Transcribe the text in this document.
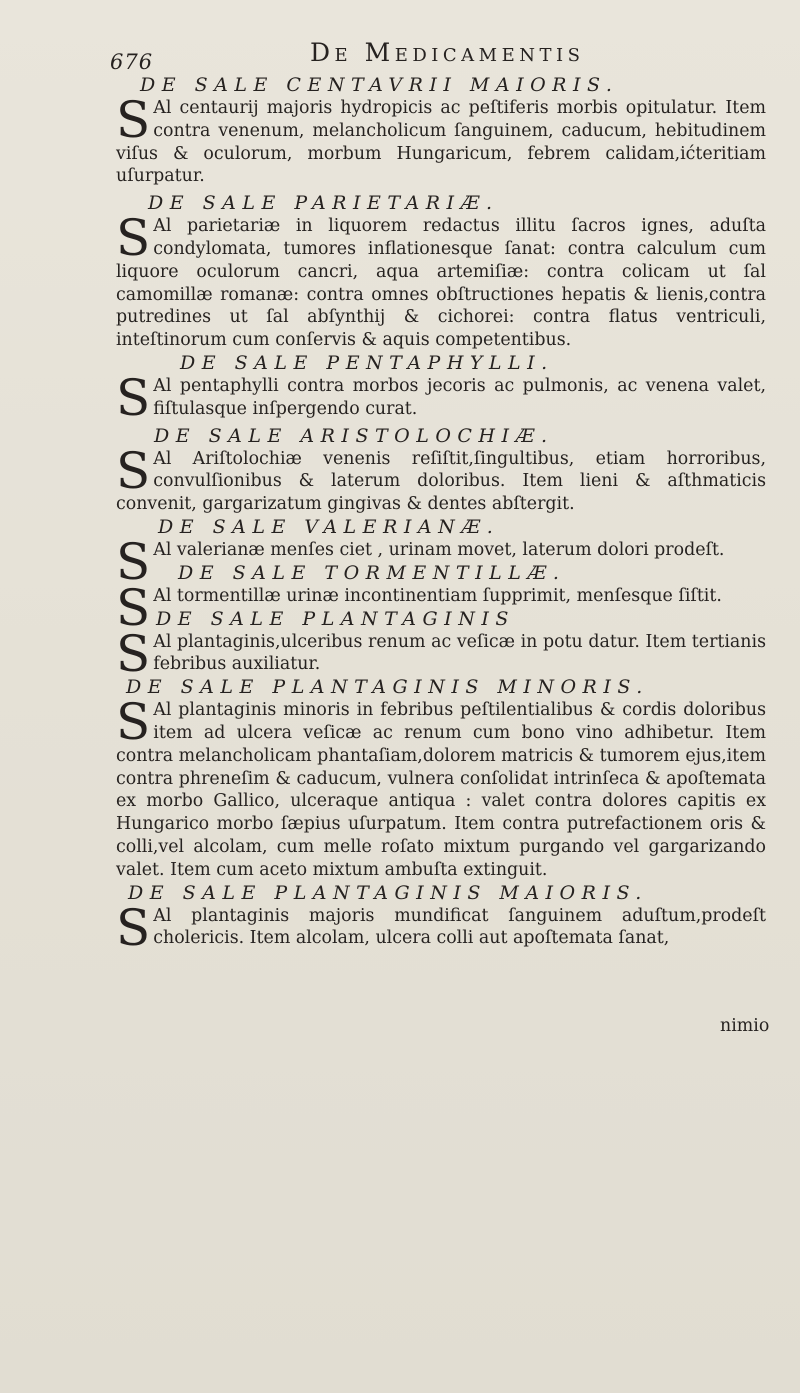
676	De Medicamentis

DE SALE CENTAVRII MAIORIS.

S Al centaurij majoris hydropicis ac peſtiferis morbis opitulatur. Item contra venenum, melancholicum ſanguinem, caducum, hebitudinem viſus & oculorum, morbum Hungaricum, febrem calidam,ićteritiam uſurpatur.

DE SALE PARIETARIÆ.

S Al parietariæ in liquorem redactus illitu ſacros ignes, aduſta condylomata, tumores inflationesque ſanat: contra calculum cum liquore oculorum cancri, aqua artemiſiæ: contra colicam ut ſal camomillæ romanæ: contra omnes obſtructiones hepatis & lienis,contra putredines ut ſal abſynthij & cichorei: contra flatus ventriculi, inteſtinorum cum conſervis & aquis competentibus.

DE SALE PENTAPHYLLI.

S Al pentaphylli contra morbos jecoris ac pulmonis, ac venena valet, fiſtulasque inſpergendo curat.

DE SALE ARISTOLOCHIÆ.

S Al Ariſtolochiæ venenis reſiſtit,ſingultibus, etiam horroribus, convulſionibus & laterum doloribus. Item lieni & aſthmaticis convenit, gargarizatum gingivas & dentes abſtergit.

DE SALE VALERIANÆ.

S Al valerianæ menſes ciet , urinam movet, laterum dolori prodeſt.

DE SALE TORMENTILLÆ.

S Al tormentillæ urinæ incontinentiam ſupprimit, menſesque ſiſtit.

DE SALE PLANTAGINIS

S Al plantaginis,ulceribus renum ac veſicæ in potu datur. Item tertianis febribus auxiliatur.

DE SALE PLANTAGINIS MINORIS.

S Al plantaginis minoris in febribus peſtilentialibus & cordis doloribus item ad ulcera veſicæ ac renum cum bono vino adhibetur. Item contra melancholicam phantaſiam,dolorem matricis & tumorem ejus,item contra phreneſim & caducum, vulnera conſolidat intrinſeca & apoſtemata ex morbo Gallico, ulceraque antiqua : valet contra dolores capitis ex Hungarico morbo ſæpius uſurpatum. Item contra putrefactionem oris & colli,vel alcolam, cum melle roſato mixtum purgando vel gargarizando valet. Item cum aceto mixtum ambuſta extinguit.

DE SALE PLANTAGINIS MAIORIS.

S Al plantaginis majoris mundificat ſanguinem aduſtum,prodeſt cholericis. Item alcolam, ulcera colli aut apoſtemata ſanat,

nimio
